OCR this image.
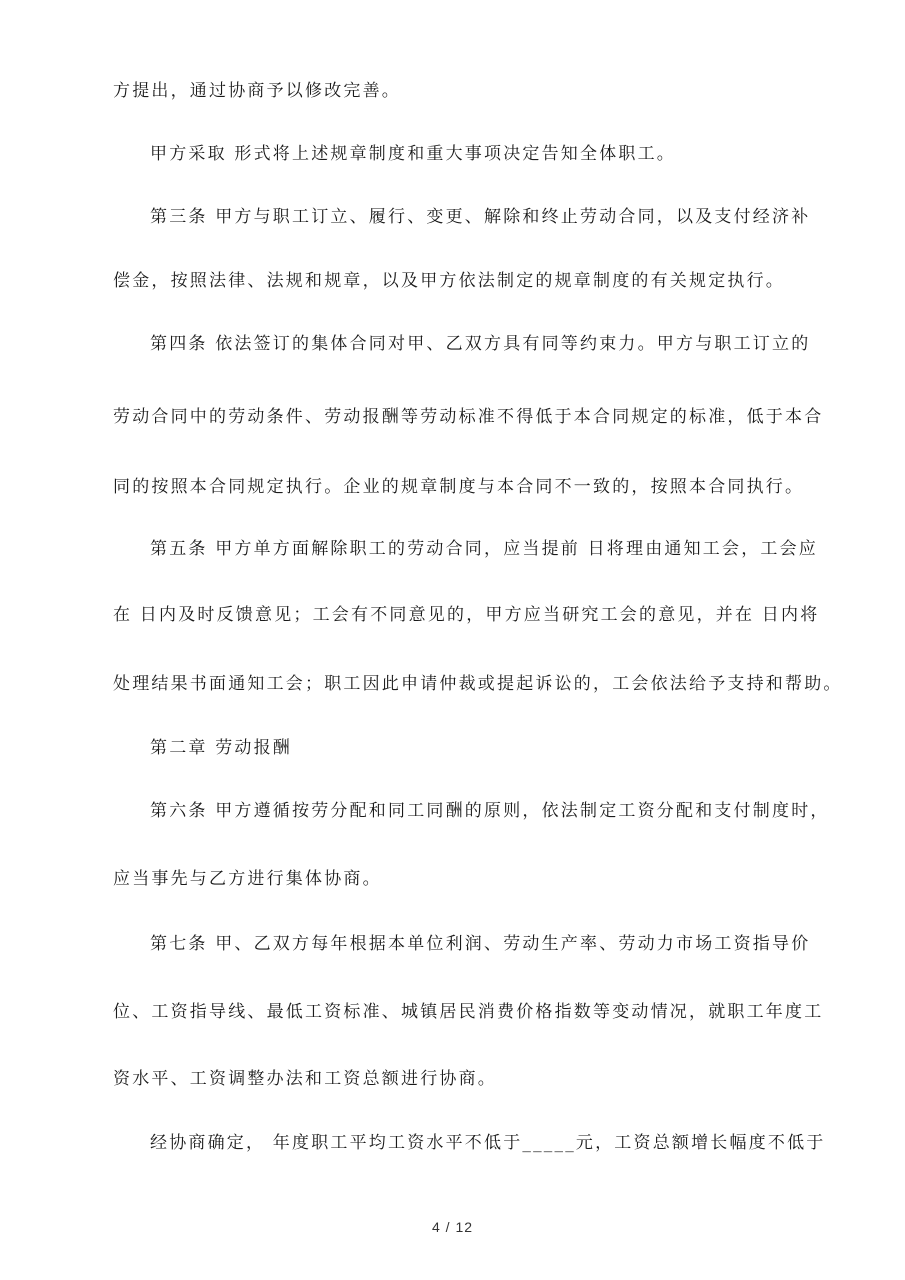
方提出，通过协商予以修改完善。
甲方采取 形式将上述规章制度和重大事项决定告知全体职工。
第三条 甲方与职工订立、履行、变更、解除和终止劳动合同，以及支付经济补
偿金，按照法律、法规和规章，以及甲方依法制定的规章制度的有关规定执行。
第四条 依法签订的集体合同对甲、乙双方具有同等约束力。甲方与职工订立的
劳动合同中的劳动条件、劳动报酬等劳动标准不得低于本合同规定的标准，低于本合
同的按照本合同规定执行。企业的规章制度与本合同不一致的，按照本合同执行。
第五条 甲方单方面解除职工的劳动合同，应当提前 日将理由通知工会，工会应
在 日内及时反馈意见；工会有不同意见的，甲方应当研究工会的意见，并在 日内将
处理结果书面通知工会；职工因此申请仲裁或提起诉讼的，工会依法给予支持和帮助。
第二章 劳动报酬
第六条 甲方遵循按劳分配和同工同酬的原则，依法制定工资分配和支付制度时，
应当事先与乙方进行集体协商。
第七条 甲、乙双方每年根据本单位利润、劳动生产率、劳动力市场工资指导价
位、工资指导线、最低工资标准、城镇居民消费价格指数等变动情况，就职工年度工
资水平、工资调整办法和工资总额进行协商。
经协商确定， 年度职工平均工资水平不低于_____元，工资总额增长幅度不低于
4 / 12
